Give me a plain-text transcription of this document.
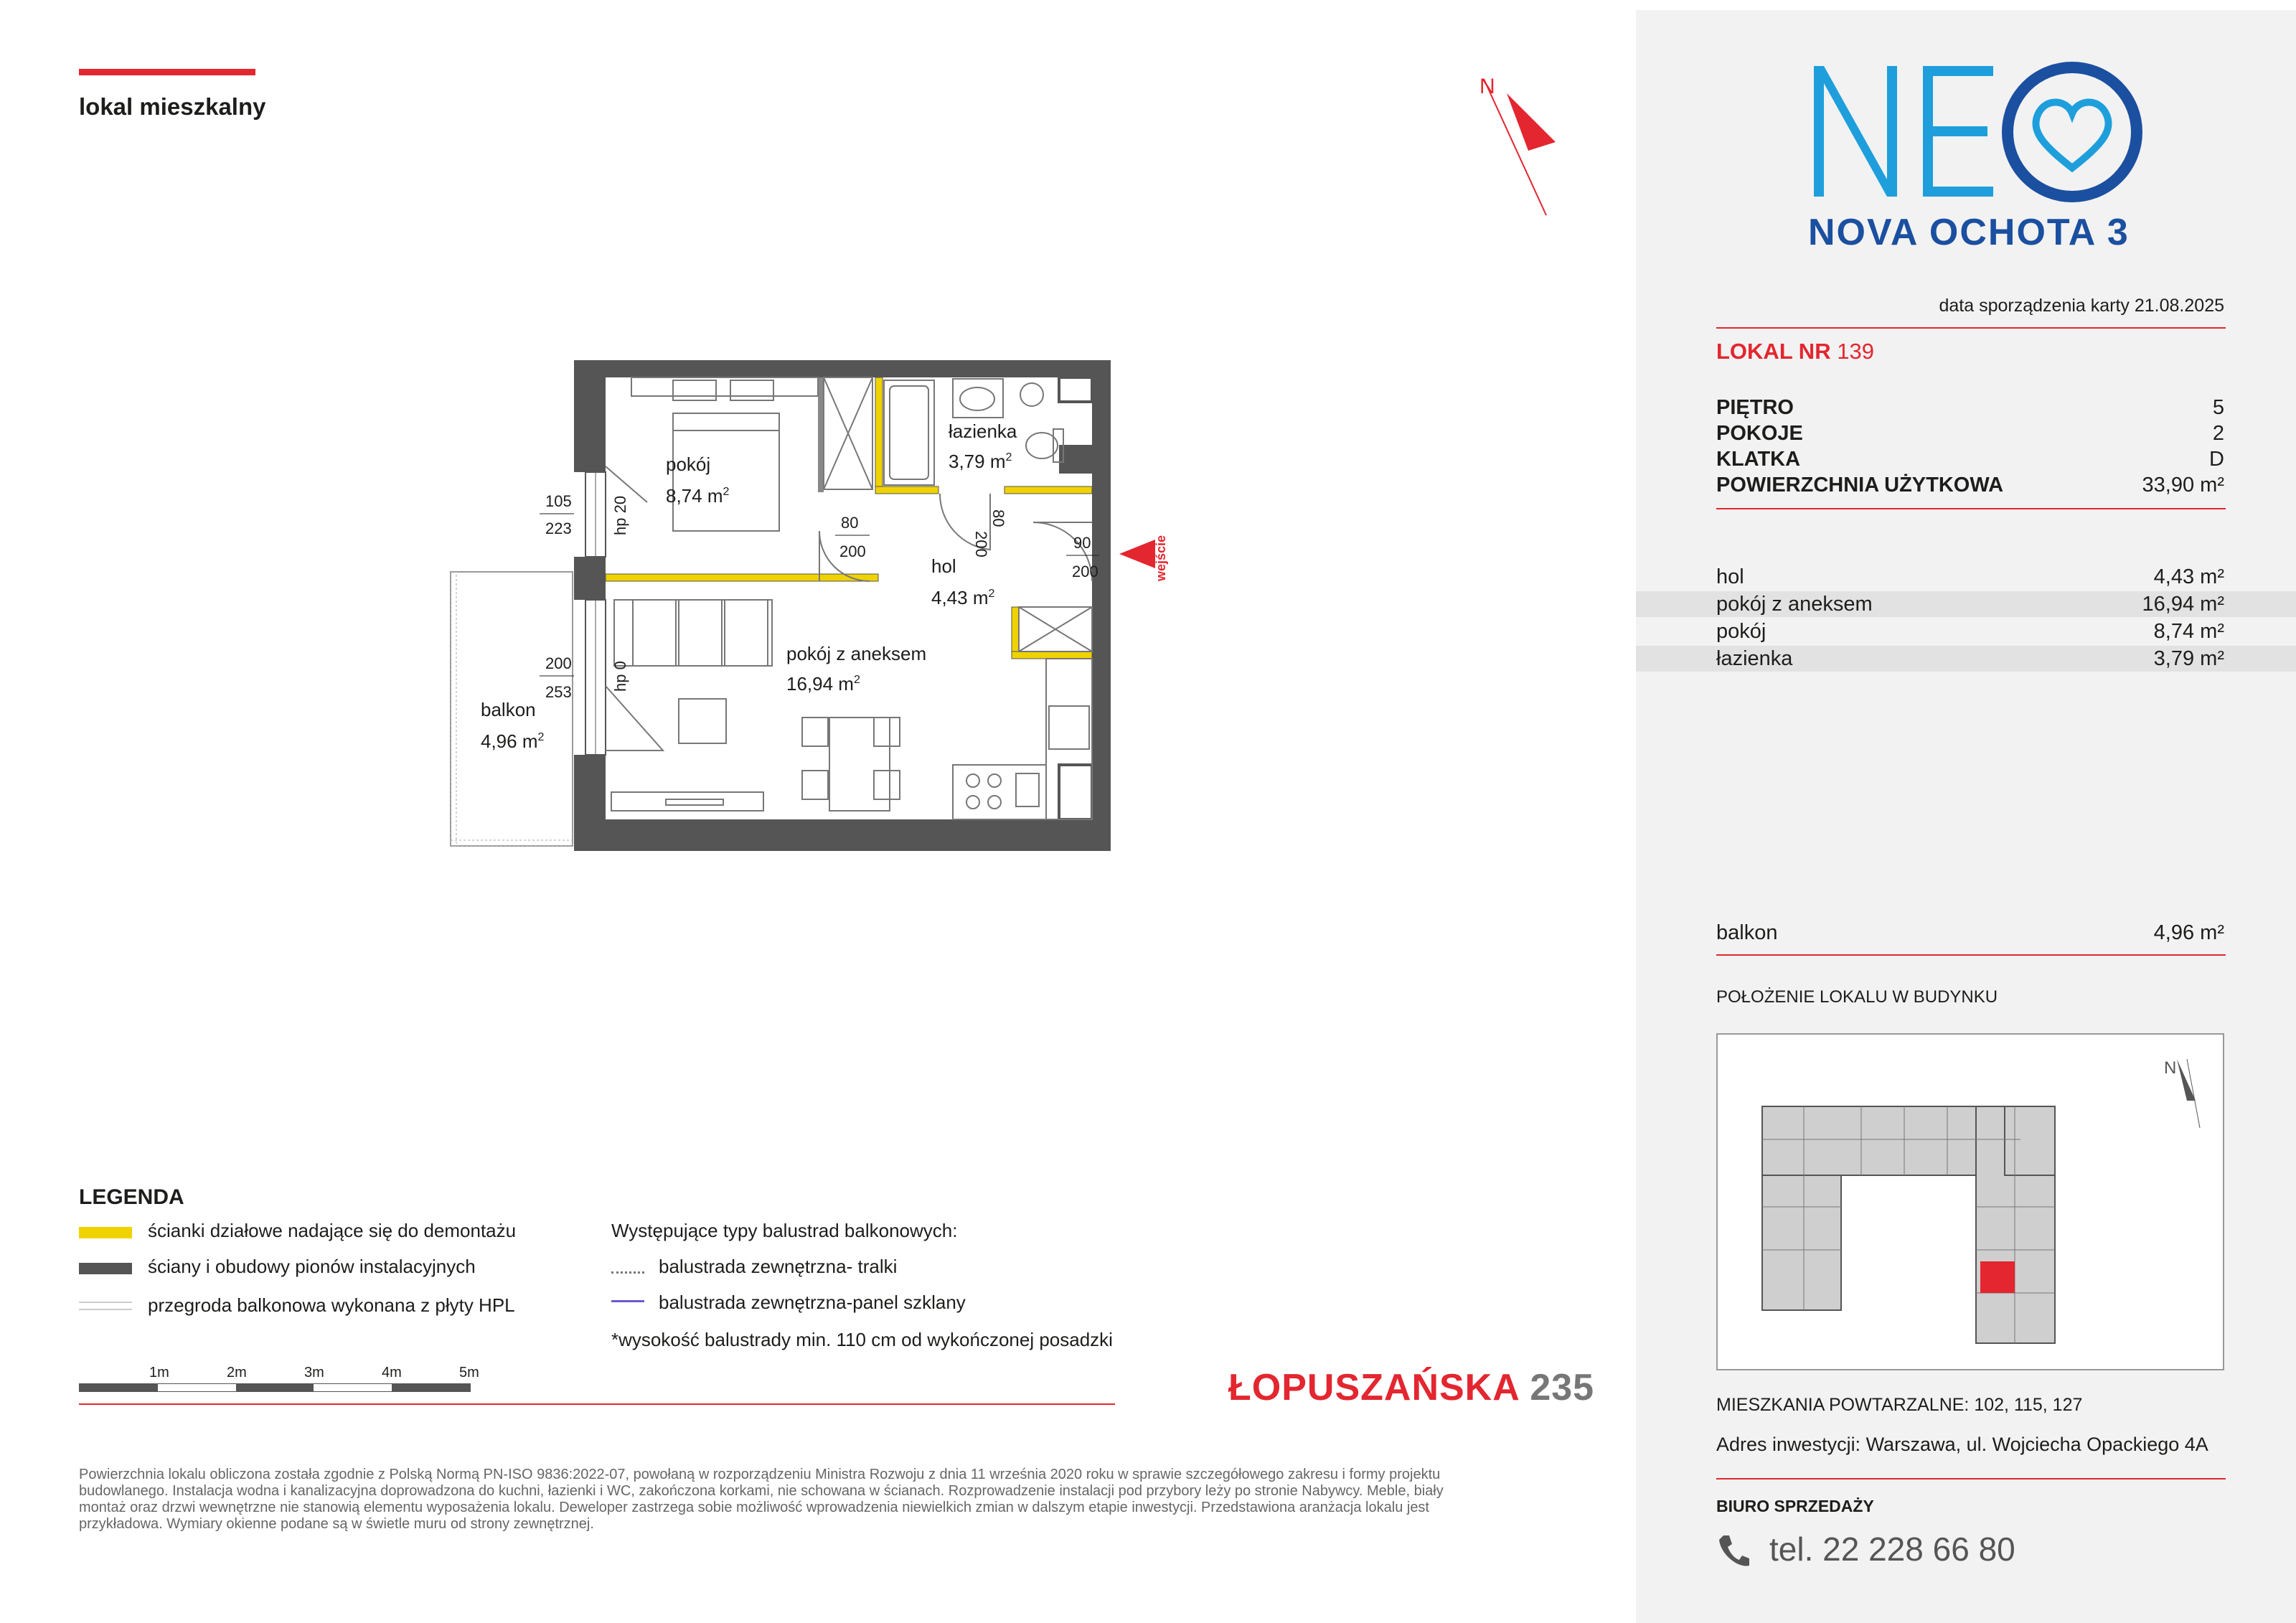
lokal mieszkalny
N
wejście
pokój
8,74 $m^2$
łazienka
3,79 $m^2$
hol
4,43 $m^2$
pokój z aneksem
16,94 $m^2$
balkon
4,96 $m^2$
105
223	hp 20
200
253
hp 0
80
200	200
80
90
200
LEGENDA
ścianki działowe nadające się do demontażu
ściany i obudowy pionów instalacyjnych
przegroda balkonowa wykonana z płyty HPL
Występujące typy balustrad balkonowych:
balustrada zewnętrzna- tralki
balustrada zewnętrzna-panel szklany
*wysokość balustrady min. 110 cm od wykończonej posadzki
1m	2m	3m	4m	5m	ŁOPUSZAŃSKA 235
Powierzchnia lokalu obliczona została zgodnie z Polską Normą PN-ISO 9836:2022-07, powołaną w rozporządzeniu Ministra Rozwoju z dnia 11 września 2020 roku w sprawie szczegółowego zakresu i formy projektu
budowlanego. Instalacja wodna i kanalizacyjna doprowadzona do kuchni, łazienki i WC, zakończona korkami, nie schowana w ścianach. Rozprowadzenie instalacji pod przybory leży po stronie Nabywcy. Meble, biały
montaż oraz drzwi wewnętrzne nie stanowią elementu wyposażenia lokalu. Deweloper zastrzega sobie możliwość wprowadzenia niewielkich zmian w dalszym etapie inwestycji. Przedstawiona aranżacja lokalu jest
przykładowa. Wymiary okienne podane są w świetle muru od strony zewnętrznej.
NOVA OCHOTA 3
data sporządzenia karty 21.08.2025
LOKAL NR 139
PIĘTRO	5
POKOJE	2
KLATKA	D
POWIERZCHNIA UŻYTKOWA	33,90 m²
hol	4,43 m²
pokój z aneksem	16,94 m²
pokój	8,74 m²
łazienka	3,79 m²
balkon	4,96 m²
POŁOŻENIE LOKALU W BUDYNKU
N
MIESZKANIA POWTARZALNE: 102, 115, 127
Adres inwestycji: Warszawa, ul. Wojciecha Opackiego 4A
BIURO SPRZEDAŻY
tel. 22 228 66 80
